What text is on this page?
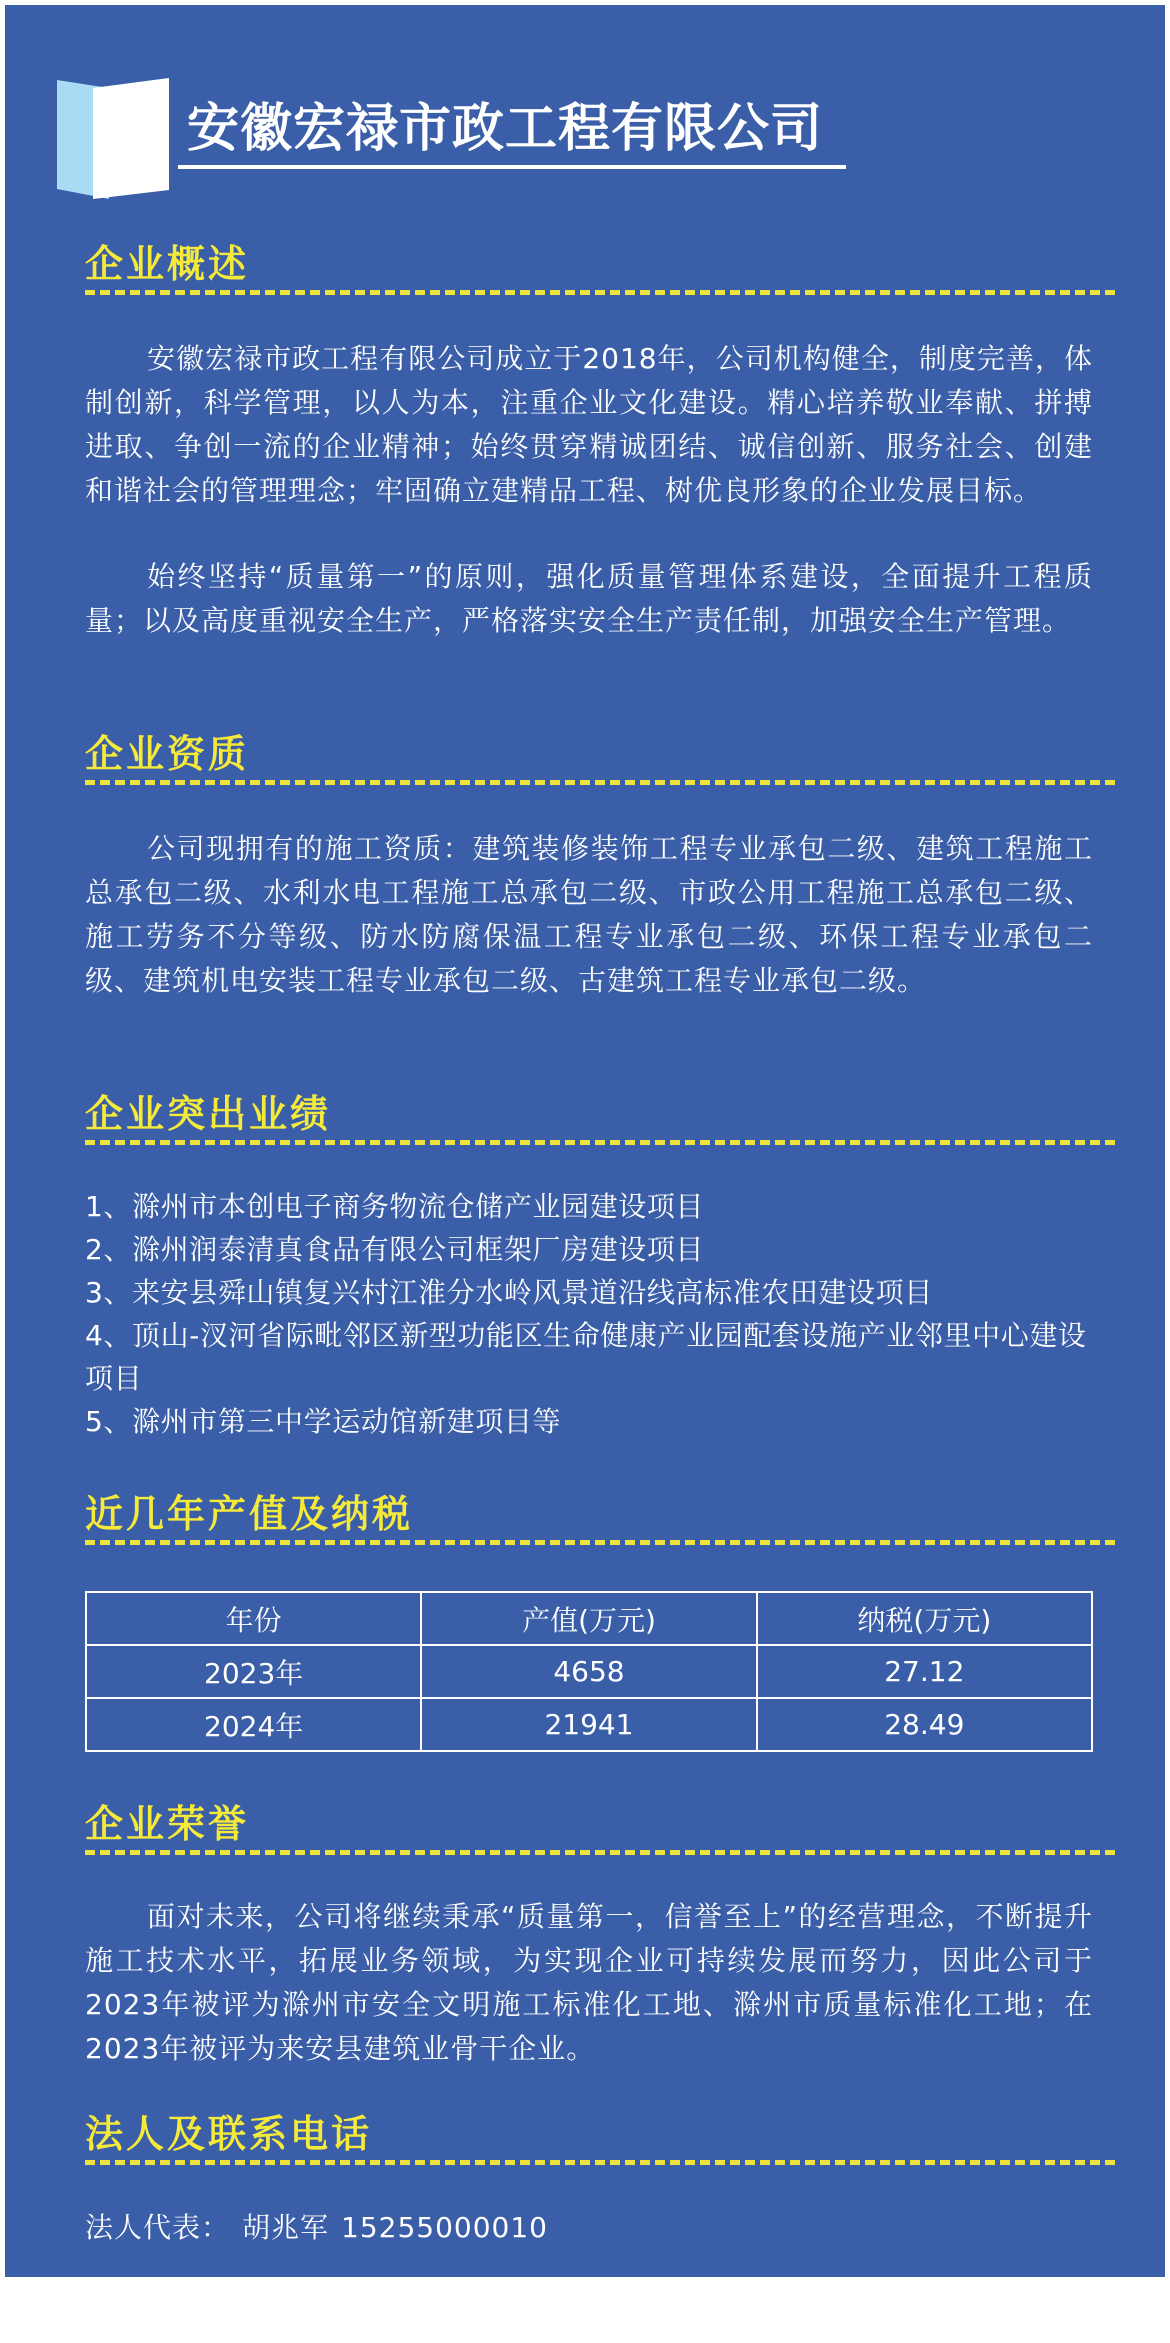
安徽宏禄市政工程有限公司
企业概述

安徽宏禄市政工程有限公司成立于2018年，公司机构健全，制度完善，体制创新，科学管理，以人为本，注重企业文化建设。精心培养敬业奉献、拼搏进取、争创一流的企业精神；始终贯穿精诚团结、诚信创新、服务社会、创建和谐社会的管理理念；牢固确立建精品工程、树优良形象的企业发展目标。

始终坚持“质量第一”的原则，强化质量管理体系建设，全面提升工程质量；以及高度重视安全生产，严格落实安全生产责任制，加强安全生产管理。

企业资质

公司现拥有的施工资质：建筑装修装饰工程专业承包二级、建筑工程施工总承包二级、水利水电工程施工总承包二级、市政公用工程施工总承包二级、施工劳务不分等级、防水防腐保温工程专业承包二级、环保工程专业承包二级、建筑机电安装工程专业承包二级、古建筑工程专业承包二级。

企业突出业绩
1、滁州市本创电子商务物流仓储产业园建设项目
2、滁州润泰清真食品有限公司框架厂房建设项目
3、来安县舜山镇复兴村江淮分水岭风景道沿线高标准农田建设项目
4、顶山-汊河省际毗邻区新型功能区生命健康产业园配套设施产业邻里中心建设项目
5、滁州市第三中学运动馆新建项目等
近几年产值及纳税
年份	产值(万元)	纳税(万元)
2023年	4658	27.12
2024年	21941	28.49
企业荣誉

面对未来，公司将继续秉承“质量第一，信誉至上”的经营理念，不断提升施工技术水平，拓展业务领域，为实现企业可持续发展而努力，因此公司于2023年被评为滁州市安全文明施工标准化工地、滁州市质量标准化工地；在2023年被评为来安县建筑业骨干企业。

法人及联系电话

法人代表： 胡兆军 15255000010
